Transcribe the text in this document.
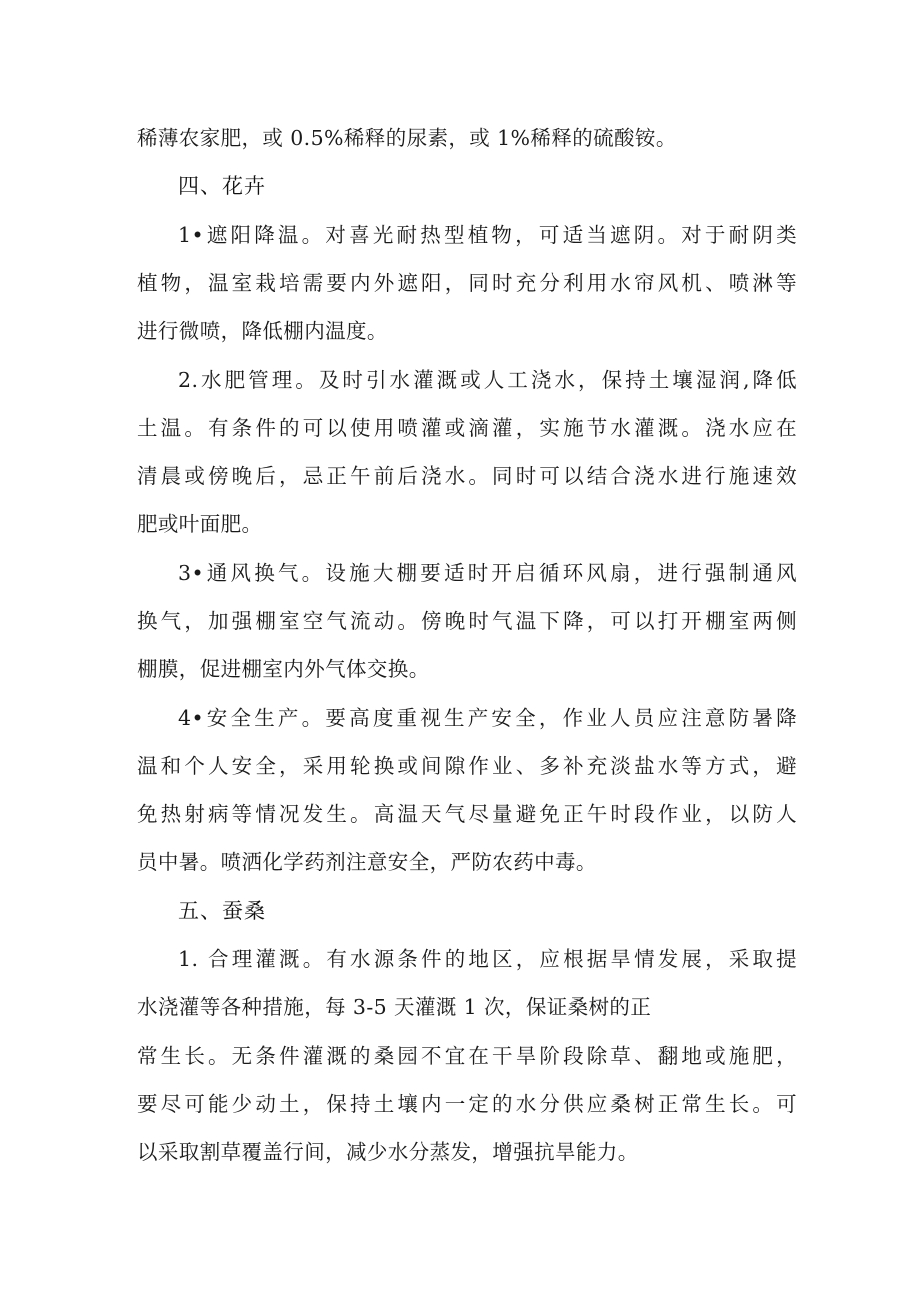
稀薄农家肥，或 0.5%稀释的尿素，或 1%稀释的硫酸铵。
四、花卉
1•遮阳降温。对喜光耐热型植物，可适当遮阴。对于耐阴类
植物，温室栽培需要内外遮阳，同时充分利用水帘风机、喷淋等
进行微喷，降低棚内温度。
2.水肥管理。及时引水灌溉或人工浇水，保持土壤湿润,降低
土温。有条件的可以使用喷灌或滴灌，实施节水灌溉。浇水应在
清晨或傍晚后，忌正午前后浇水。同时可以结合浇水进行施速效
肥或叶面肥。
3•通风换气。设施大棚要适时开启循环风扇，进行强制通风
换气，加强棚室空气流动。傍晚时气温下降，可以打开棚室两侧
棚膜，促进棚室内外气体交换。
4•安全生产。要高度重视生产安全，作业人员应注意防暑降
温和个人安全，采用轮换或间隙作业、多补充淡盐水等方式，避
免热射病等情况发生。高温天气尽量避免正午时段作业，以防人
员中暑。喷洒化学药剂注意安全，严防农药中毒。
五、蚕桑
1. 合理灌溉。有水源条件的地区，应根据旱情发展，采取提
水浇灌等各种措施，每 3-5 天灌溉 1 次，保证桑树的正
常生长。无条件灌溉的桑园不宜在干旱阶段除草、翻地或施肥，
要尽可能少动土，保持土壤内一定的水分供应桑树正常生长。可
以采取割草覆盖行间，减少水分蒸发，增强抗旱能力。
